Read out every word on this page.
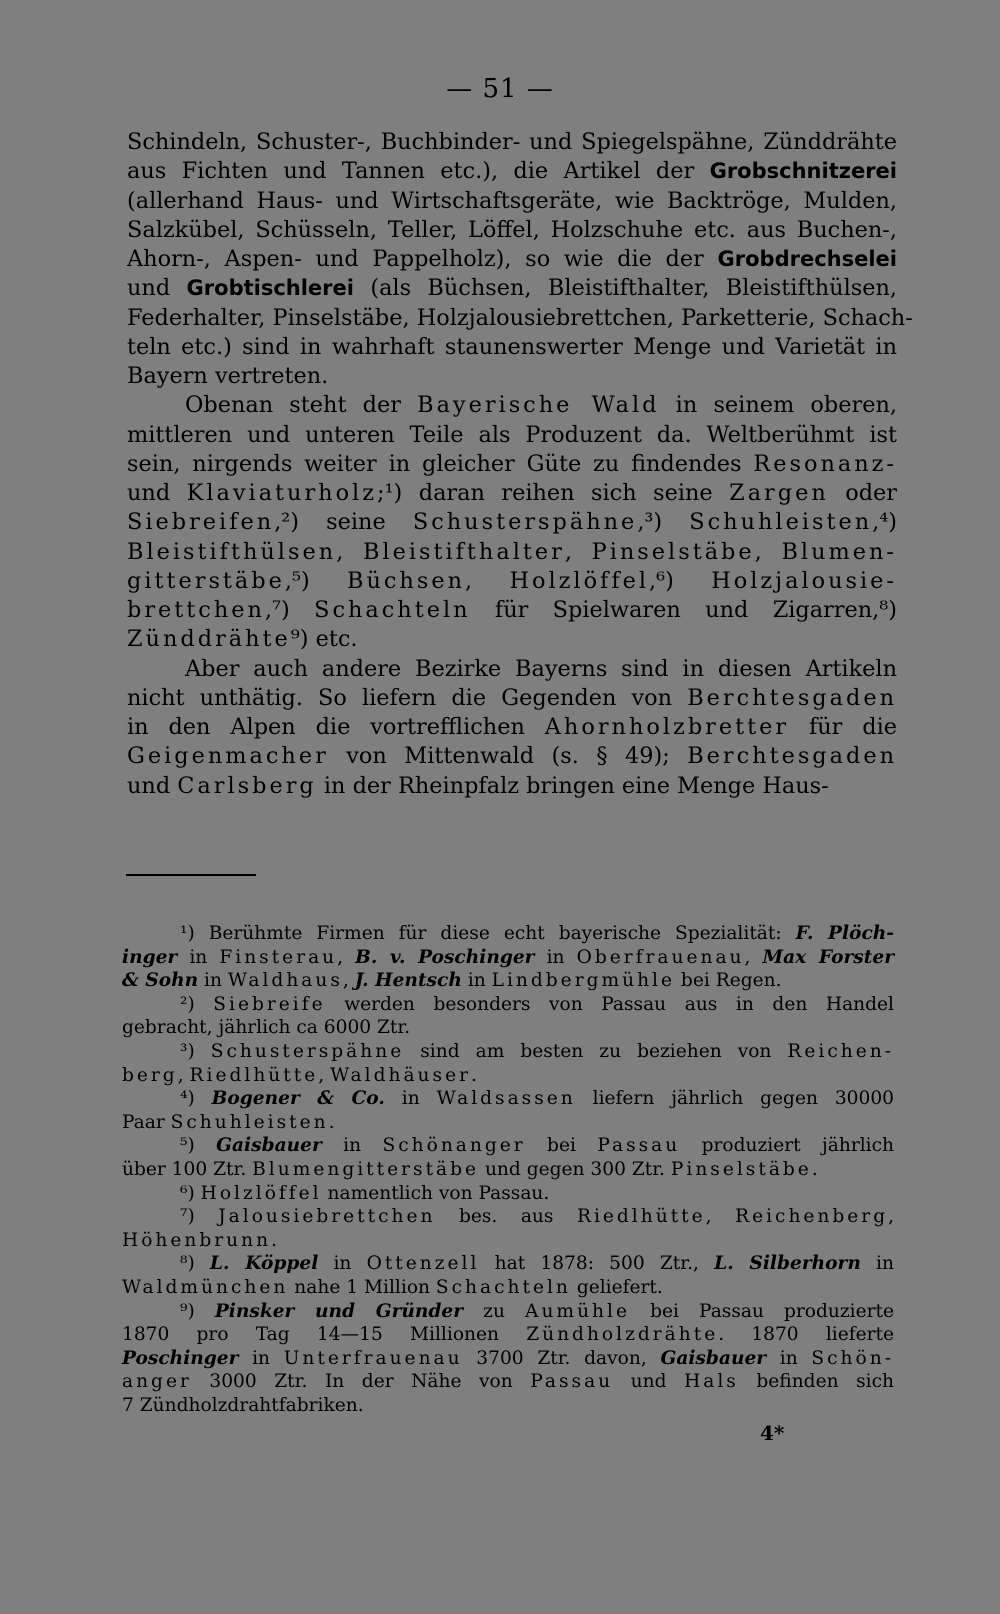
— 51 —
Schindeln, Schuster-, Buchbinder- und Spiegelspähne, Zünddrähte
aus Fichten und Tannen etc.), die Artikel der Grobschnitzerei
(allerhand Haus- und Wirtschaftsgeräte, wie Backtröge, Mulden,
Salzkübel, Schüsseln, Teller, Löffel, Holzschuhe etc. aus Buchen-,
Ahorn-, Aspen- und Pappelholz), so wie die der Grobdrechselei
und Grobtischlerei (als Büchsen, Bleistifthalter, Bleistifthülsen,
Federhalter, Pinselstäbe, Holzjalousiebrettchen, Parketterie, Schach-
teln etc.) sind in wahrhaft staunenswerter Menge und Varietät in
Bayern vertreten.
Obenan steht der Bayerische Wald in seinem oberen,
mittleren und unteren Teile als Produzent da. Weltberühmt ist
sein, nirgends weiter in gleicher Güte zu findendes Resonanz-
und Klaviaturholz;¹) daran reihen sich seine Zargen oder
Siebreifen,²) seine Schusterspähne,³) Schuhleisten,⁴)
Bleistifthülsen, Bleistifthalter, Pinselstäbe, Blumen-
gitterstäbe,⁵) Büchsen, Holzlöffel,⁶) Holzjalousie-
brettchen,⁷) Schachteln für Spielwaren und Zigarren,⁸)
Zünddrähte⁹) etc.
Aber auch andere Bezirke Bayerns sind in diesen Artikeln
nicht unthätig. So liefern die Gegenden von Berchtesgaden
in den Alpen die vortrefflichen Ahornholzbretter für die
Geigenmacher von Mittenwald (s. § 49); Berchtesgaden
und Carlsberg in der Rheinpfalz bringen eine Menge Haus-
¹) Berühmte Firmen für diese echt bayerische Spezialität: F. Plöch-
inger in Finsterau, B. v. Poschinger in Oberfrauenau, Max Forster
& Sohn in Waldhaus, J. Hentsch in Lindbergmühle bei Regen.
²) Siebreife werden besonders von Passau aus in den Handel
gebracht, jährlich ca 6000 Ztr.
³) Schusterspähne sind am besten zu beziehen von Reichen-
berg, Riedlhütte, Waldhäuser.
⁴) Bogener & Co. in Waldsassen liefern jährlich gegen 30000
Paar Schuhleisten.
⁵) Gaisbauer in Schönanger bei Passau produziert jährlich
über 100 Ztr. Blumengitterstäbe und gegen 300 Ztr. Pinselstäbe.
⁶) Holzlöffel namentlich von Passau.
⁷) Jalousiebrettchen bes. aus Riedlhütte, Reichenberg,
Höhenbrunn.
⁸) L. Köppel in Ottenzell hat 1878: 500 Ztr., L. Silberhorn in
Waldmünchen nahe 1 Million Schachteln geliefert.
⁹) Pinsker und Gründer zu Aumühle bei Passau produzierte
1870 pro Tag 14—15 Millionen Zündholzdrähte. 1870 lieferte
Poschinger in Unterfrauenau 3700 Ztr. davon, Gaisbauer in Schön-
anger 3000 Ztr. In der Nähe von Passau und Hals befinden sich
7 Zündholzdrahtfabriken.
4*
